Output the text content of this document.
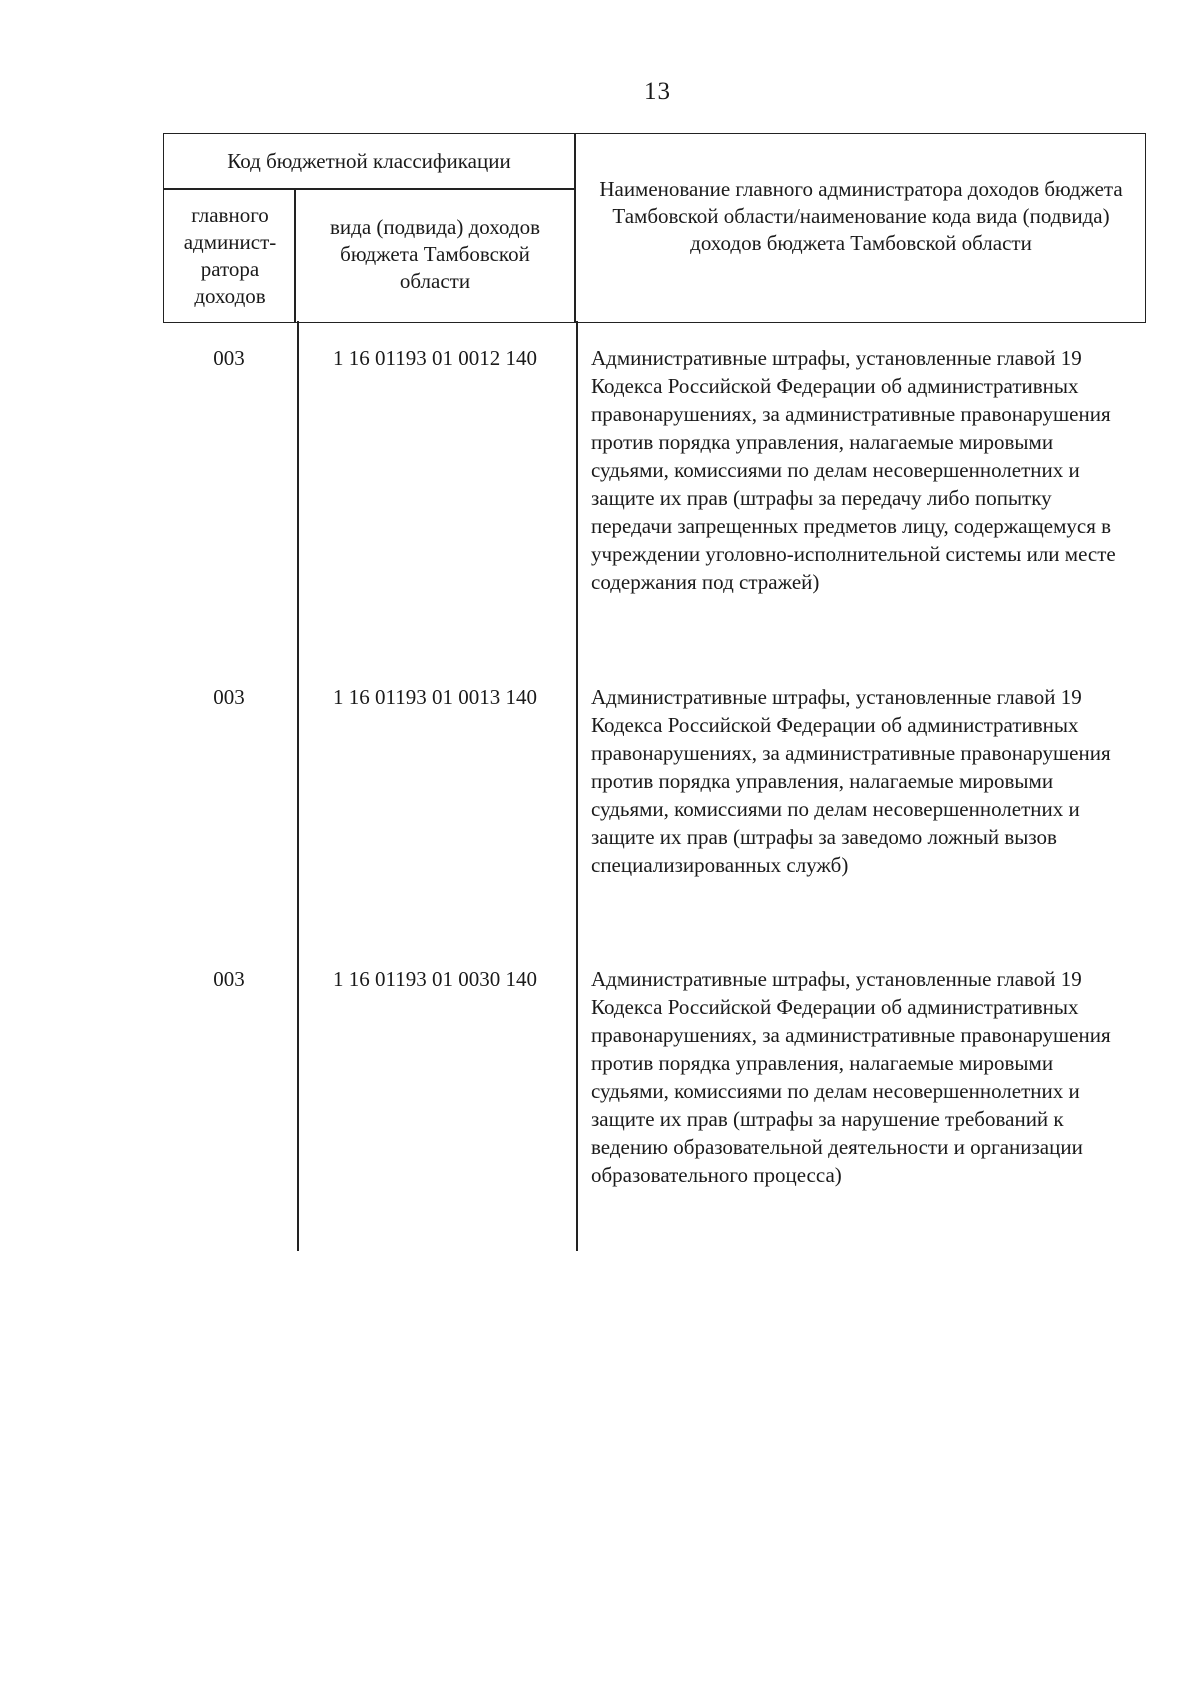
13
Код бюджетной классификации
главного админист-ратора доходов
вида (подвида) доходов бюджета Тамбовской области
Наименование главного администратора доходов бюджета Тамбовской области/наименование кода вида (подвида) доходов бюджета Тамбовской области
003	1 16 01193 01 0012 140	Административные штрафы, установленные главой 19 Кодекса Российской Федерации об административных правонарушениях, за административные правонарушения против порядка управления, налагаемые мировыми судьями, комиссиями по делам несовершеннолетних и защите их прав (штрафы за передачу либо попытку передачи запрещенных предметов лицу, содержащемуся в учреждении уголовно-исполнительной системы или месте содержания под стражей)
003	1 16 01193 01 0013 140	Административные штрафы, установленные главой 19 Кодекса Российской Федерации об административных правонарушениях, за административные правонарушения против порядка управления, налагаемые мировыми судьями, комиссиями по делам несовершеннолетних и защите их прав (штрафы за заведомо ложный вызов специализированных служб)
003	1 16 01193 01 0030 140	Административные штрафы, установленные главой 19 Кодекса Российской Федерации об административных правонарушениях, за административные правонарушения против порядка управления, налагаемые мировыми судьями, комиссиями по делам несовершеннолетних и защите их прав (штрафы за нарушение требований к ведению образовательной деятельности и организации образовательного процесса)
